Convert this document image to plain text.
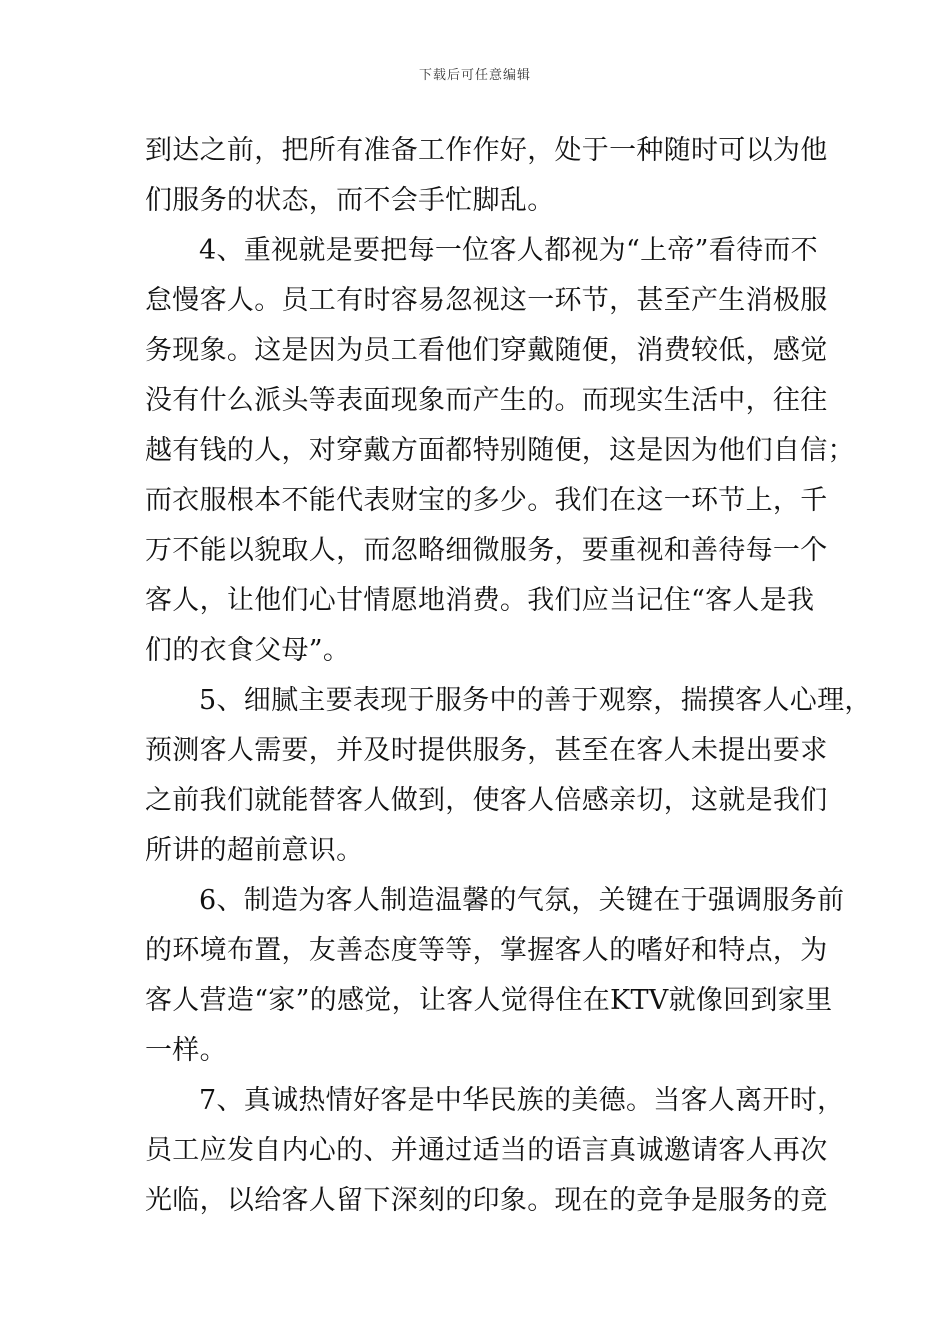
下载后可任意编辑
到达之前，把所有准备工作作好，处于一种随时可以为他
们服务的状态，而不会手忙脚乱。
4、重视就是要把每一位客人都视为“上帝”看待而不
怠慢客人。员工有时容易忽视这一环节，甚至产生消极服
务现象。这是因为员工看他们穿戴随便，消费较低，感觉
没有什么派头等表面现象而产生的。而现实生活中，往往
越有钱的人，对穿戴方面都特别随便，这是因为他们自信；
而衣服根本不能代表财宝的多少。我们在这一环节上，千
万不能以貌取人，而忽略细微服务，要重视和善待每一个
客人，让他们心甘情愿地消费。我们应当记住“客人是我
们的衣食父母”。
5、细腻主要表现于服务中的善于观察，揣摸客人心理，
预测客人需要，并及时提供服务，甚至在客人未提出要求
之前我们就能替客人做到，使客人倍感亲切，这就是我们
所讲的超前意识。
6、制造为客人制造温馨的气氛，关键在于强调服务前
的环境布置，友善态度等等，掌握客人的嗜好和特点，为
客人营造“家”的感觉，让客人觉得住在KTV就像回到家里
一样。
7、真诚热情好客是中华民族的美德。当客人离开时，
员工应发自内心的、并通过适当的语言真诚邀请客人再次
光临，以给客人留下深刻的印象。现在的竞争是服务的竞
